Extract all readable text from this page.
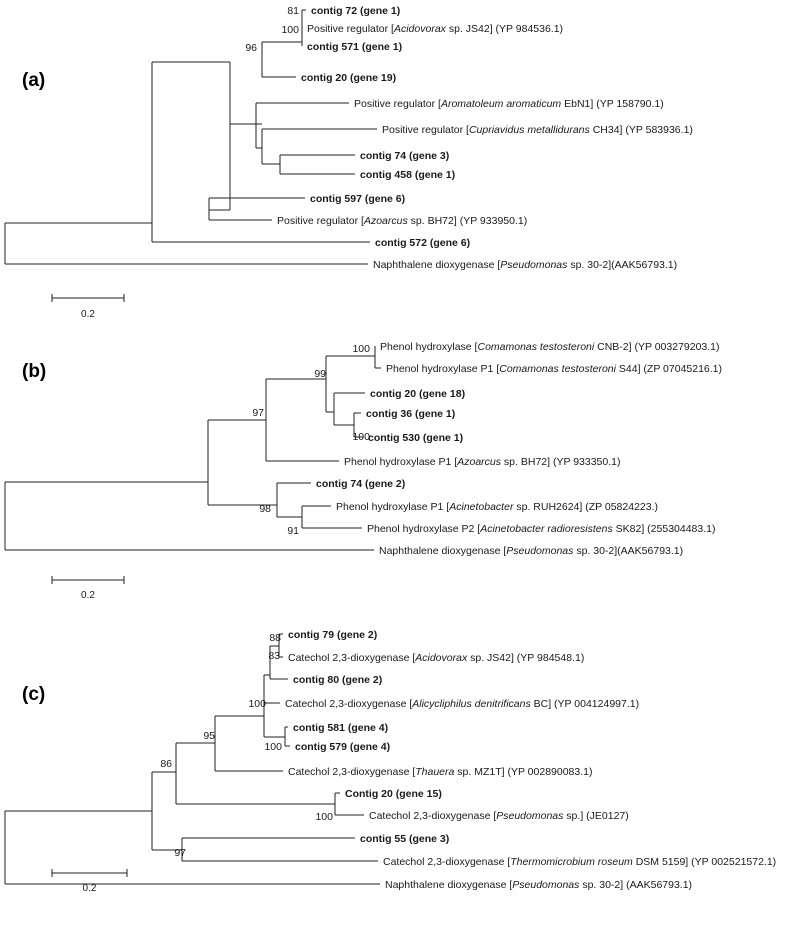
(a)
contig 72 (gene 1)
Positive regulator [Acidovorax sp. JS42] (YP 984536.1)
contig 571 (gene 1)
contig 20 (gene 19)
Positive regulator [Aromatoleum aromaticum EbN1] (YP 158790.1)
Positive regulator [Cupriavidus metallidurans CH34] (YP 583936.1)
contig 74 (gene 3)
contig 458 (gene 1)
contig 597 (gene 6)
Positive regulator [Azoarcus sp. BH72] (YP 933950.1)
contig 572 (gene 6)
Naphthalene dioxygenase [Pseudomonas sp. 30-2](AAK56793.1)
81
100
96
0.2
(b)
Phenol hydroxylase [Comamonas testosteroni CNB-2] (YP 003279203.1)
Phenol hydroxylase P1 [Comamonas testosteroni S44] (ZP 07045216.1)
contig 20 (gene 18)
contig 36 (gene 1)
contig 530 (gene 1)
Phenol hydroxylase P1 [Azoarcus sp. BH72] (YP 933350.1)
contig 74 (gene 2)
Phenol hydroxylase P1 [Acinetobacter sp. RUH2624] (ZP 05824223.)
Phenol hydroxylase P2 [Acinetobacter radioresistens SK82] (255304483.1)
Naphthalene dioxygenase [Pseudomonas sp. 30-2](AAK56793.1)
100
99
100
97
98
91
0.2
(c)
contig 79 (gene 2)
Catechol 2,3-dioxygenase [Acidovorax sp. JS42] (YP 984548.1)
contig 80 (gene 2)
Catechol 2,3-dioxygenase [Alicycliphilus denitrificans BC] (YP 004124997.1)
contig 581 (gene 4)
contig 579 (gene 4)
Catechol 2,3-dioxygenase [Thauera sp. MZ1T] (YP 002890083.1)
Contig 20 (gene 15)
Catechol 2,3-dioxygenase [Pseudomonas sp.] (JE0127)
contig 55 (gene 3)
Catechol 2,3-dioxygenase [Thermomicrobium roseum DSM 5159] (YP 002521572.1)
Naphthalene dioxygenase [Pseudomonas sp. 30-2] (AAK56793.1)
88
83
100
100
95
86
100
97
0.2
